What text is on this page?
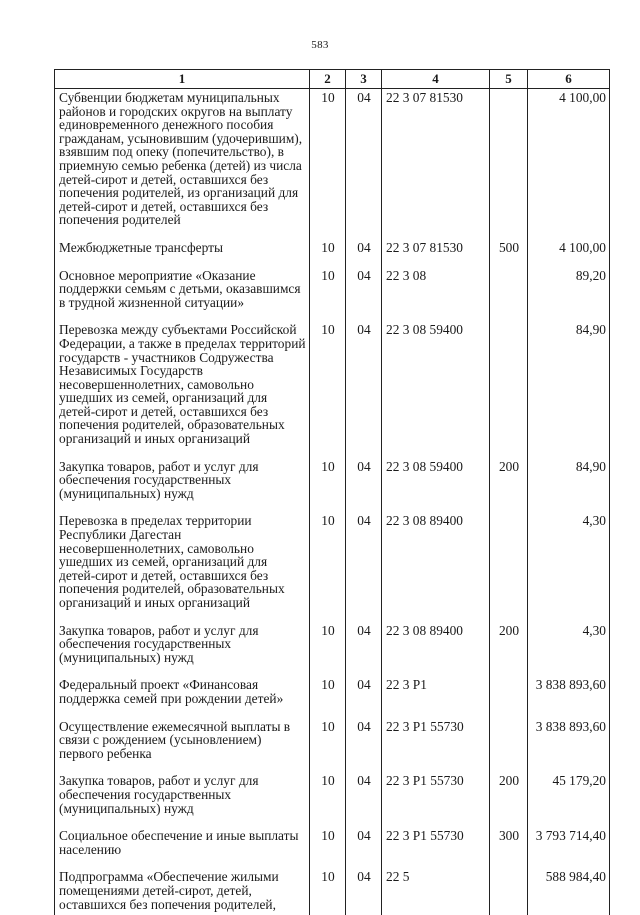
583
1	2	3	4	5	6
Субвенции бюджетам муниципальных районов и городских округов на выплату единовременного денежного пособия гражданам, усыновившим (удочерившим), взявшим под опеку (попечительство), в приемную семью ребенка (детей) из числа детей-сирот и детей, оставшихся без попечения родителей, из организаций для детей-сирот и детей, оставшихся без попечения родителей	10	04	22 3 07 81530		4 100,00
Межбюджетные трансферты	10	04	22 3 07 81530	500	4 100,00
Основное мероприятие «Оказание поддержки семьям с детьми, оказавшимся в трудной жизненной ситуации»	10	04	22 3 08		89,20
Перевозка между субъектами Российской Федерации, а также в пределах территорий государств - участников Содружества Независимых Государств несовершеннолетних, самовольно ушедших из семей, организаций для детей-сирот и детей, оставшихся без попечения родителей, образовательных организаций и иных организаций	10	04	22 3 08 59400		84,90
Закупка товаров, работ и услуг для обеспечения государственных (муниципальных) нужд	10	04	22 3 08 59400	200	84,90
Перевозка в пределах территории Республики Дагестан несовершеннолетних, самовольно ушедших из семей, организаций для детей-сирот и детей, оставшихся без попечения родителей, образовательных организаций и иных организаций	10	04	22 3 08 89400		4,30
Закупка товаров, работ и услуг для обеспечения государственных (муниципальных) нужд	10	04	22 3 08 89400	200	4,30
Федеральный проект «Финансовая поддержка семей при рождении детей»	10	04	22 3 P1		3 838 893,60
Осуществление ежемесячной выплаты в связи с рождением (усыновлением) первого ребенка	10	04	22 3 P1 55730		3 838 893,60
Закупка товаров, работ и услуг для обеспечения государственных (муниципальных) нужд	10	04	22 3 P1 55730	200	45 179,20
Социальное обеспечение и иные выплаты населению	10	04	22 3 P1 55730	300	3 793 714,40
Подпрограмма «Обеспечение жилыми помещениями детей-сирот, детей, оставшихся без попечения родителей,	10	04	22 5		588 984,40
